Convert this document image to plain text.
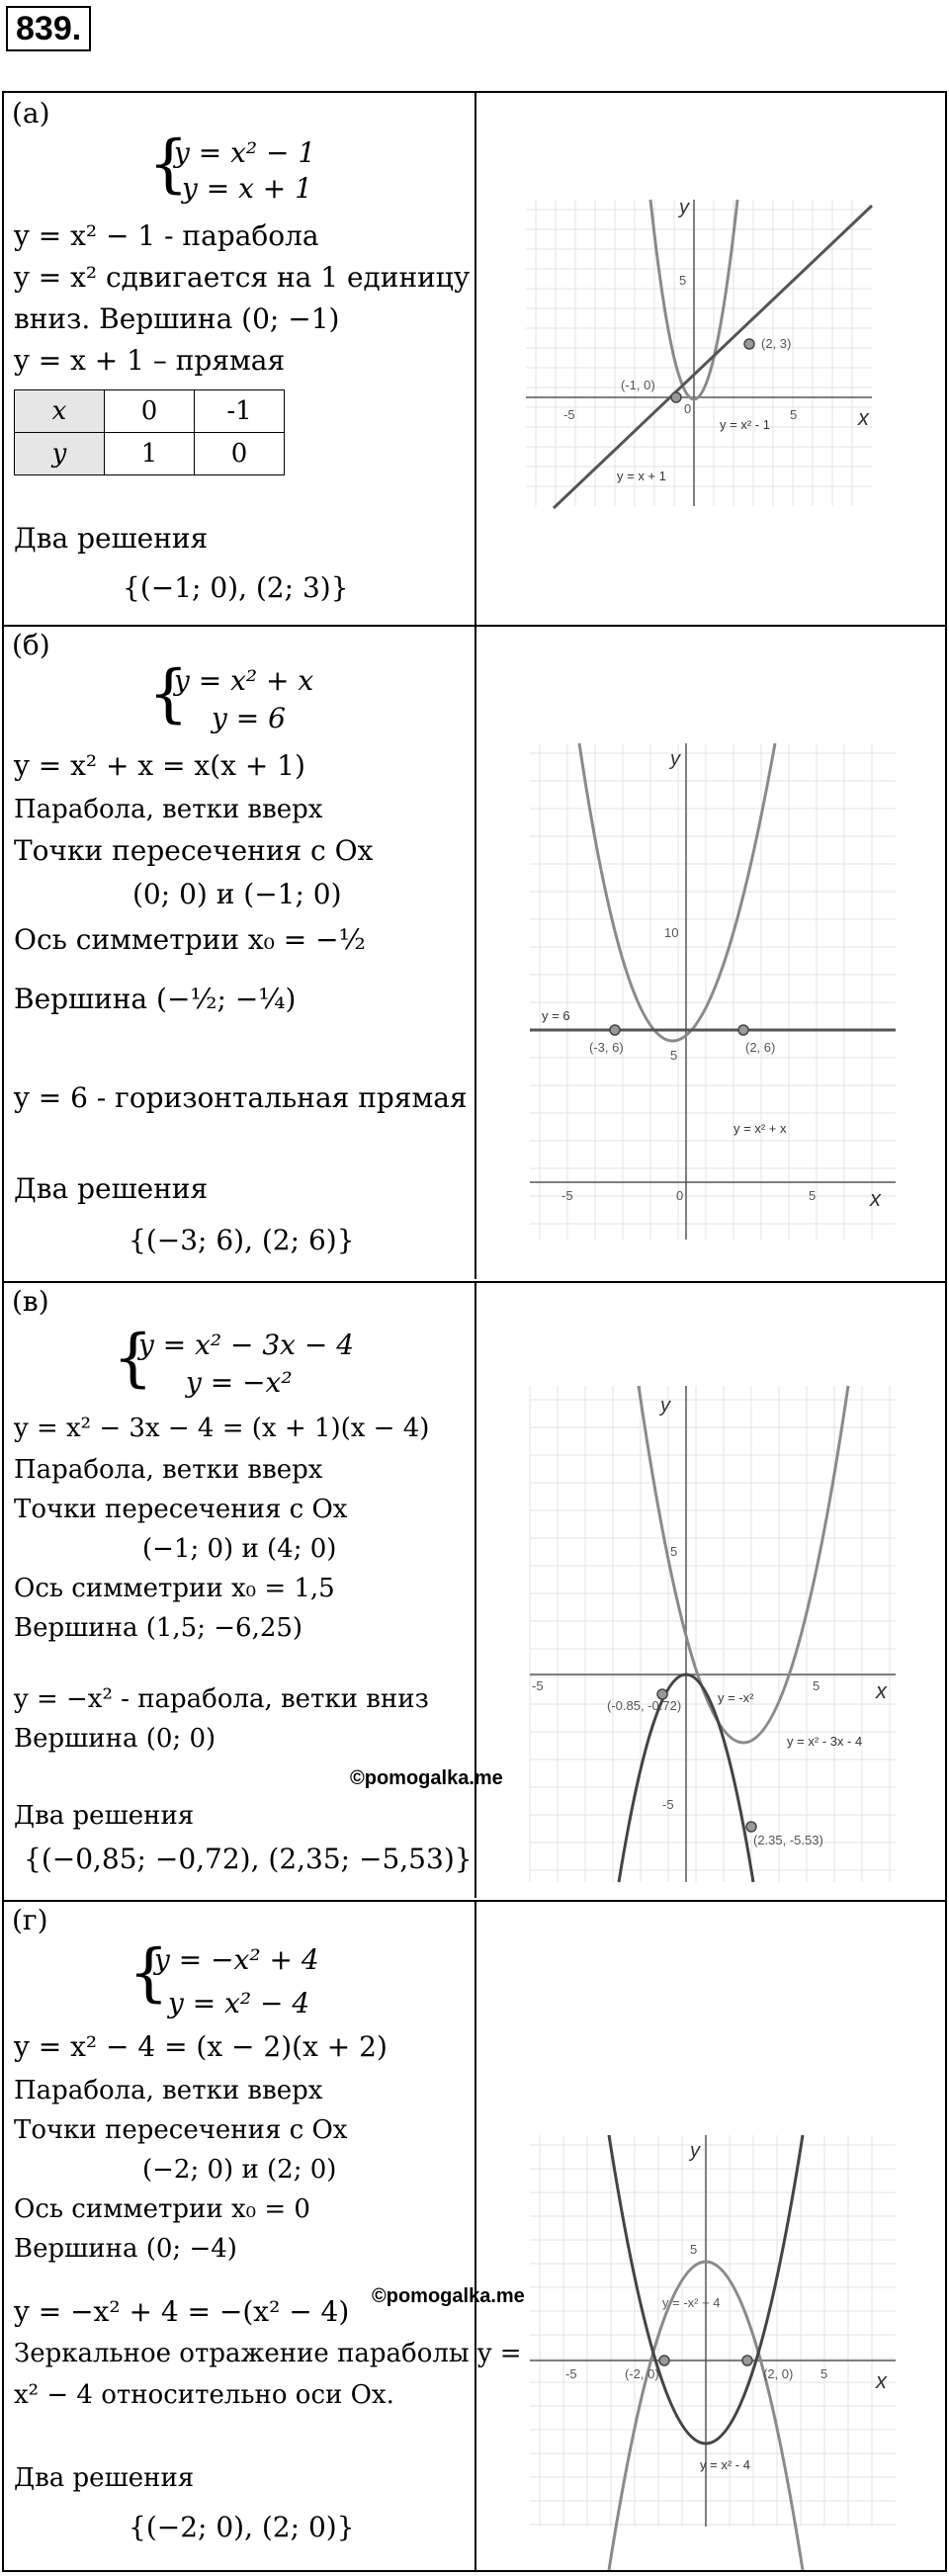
839.
(а)
{
y = x² − 1
y = x + 1
y = x² − 1 - парабола
y = x² сдвигается на 1 единицу
вниз. Вершина (0; −1)
y = x + 1 – прямая
x	0	-1
y	1	0
Два решения
{(−1; 0), (2; 3)}
y
x
-5	5
0
5
(-1, 0)
(2, 3)
y = x² - 1
y = x + 1
(б)
{
y = x² + x
y = 6
y = x² + x = x(x + 1)
Парабола, ветки вверх
Точки пересечения с Ox
(0; 0) и (−1; 0)
Ось симметрии x₀ = −½
Вершина (−½; −¼)
y = 6 - горизонтальная прямая
Два решения
{(−3; 6), (2; 6)}
y
x
-5	5
0
5
10
(-3, 6)	(2, 6)
y = x² + x
y = 6
(в)
{
y = x² − 3x − 4
y = −x²
y = x² − 3x − 4 = (x + 1)(x − 4)
Парабола, ветки вверх
Точки пересечения с Ox
(−1; 0) и (4; 0)
Ось симметрии x₀ = 1,5
Вершина (1,5; −6,25)
y = −x² - парабола, ветки вниз
Вершина (0; 0)
©pomogalka.me
Два решения
{(−0,85; −0,72), (2,35; −5,53)}
y
x
-5	5
5
-5
(-0.85, -0.72)
(2.35, -5.53)
y = -x²
y = x² - 3x - 4
(г)
{
y = −x² + 4
y = x² − 4
y = x² − 4 = (x − 2)(x + 2)
Парабола, ветки вверх
Точки пересечения с Ox
(−2; 0) и (2; 0)
Ось симметрии x₀ = 0
Вершина (0; −4)
©pomogalka.me
y = −x² + 4 = −(x² − 4)
Зеркальное отражение параболы y =
x² − 4 относительно оси Ox.
Два решения
{(−2; 0), (2; 0)}
y
x
-5	5
5
(-2, 0)	(2, 0)
y = -x² + 4
y = x² - 4
